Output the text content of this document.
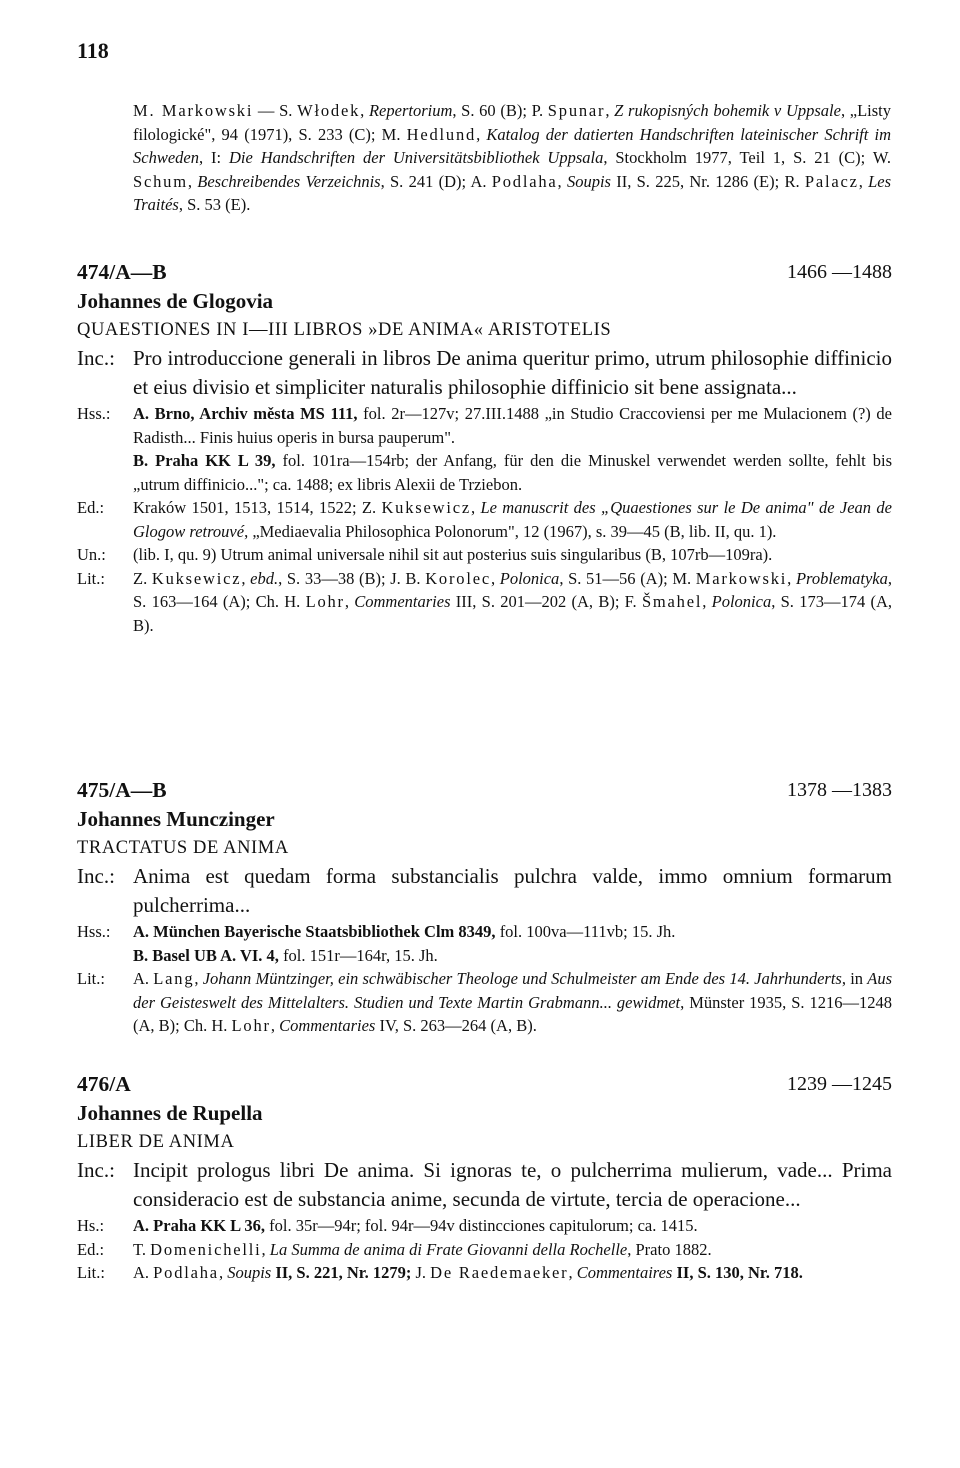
118
M. Markowski — S. Włodek, Repertorium, S. 60 (B); P. Spunar, Z rukopisných bohemik v Uppsale, „Listy filologické", 94 (1971), S. 233 (C); M. Hedlund, Katalog der datierten Handschriften lateinischer Schrift im Schweden, I: Die Handschriften der Universitätsbibliothek Uppsala, Stockholm 1977, Teil 1, S. 21 (C); W. Schum, Beschreibendes Verzeichnis, S. 241 (D); A. Podlaha, Soupis II, S. 225, Nr. 1286 (E); R. Palacz, Les Traités, S. 53 (E).
474/A—B	1466 —1488
Johannes de Glogovia
QUAESTIONES IN I—III LIBROS »DE ANIMA« ARISTOTELIS
Inc.: Pro introduccione generali in libros De anima queritur primo, utrum philosophie diffinicio et eius divisio et simpliciter naturalis philosophie diffinicio sit bene assignata...
Hss.:	A. Brno, Archiv města MS 111, fol. 2r—127v; 27.III.1488 „in Studio Craccoviensi per me Mulacionem (?) de Radisth... Finis huius operis in bursa pauperum".
B. Praha KK L 39, fol. 101ra—154rb; der Anfang, für den die Minuskel verwendet werden sollte, fehlt bis „utrum diffinicio..."; ca. 1488; ex libris Alexii de Trziebon.
Ed.:	Kraków 1501, 1513, 1514, 1522; Z. Kuksewicz, Le manuscrit des „Quaestiones sur le De anima" de Jean de Glogow retrouvé, „Mediaevalia Philosophica Polonorum", 12 (1967), s. 39—45 (B, lib. II, qu. 1).
Un.:	(lib. I, qu. 9) Utrum animal universale nihil sit aut posterius suis singularibus (B, 107rb—109ra).
Lit.:	Z. Kuksewicz, ebd., S. 33—38 (B); J. B. Korolec, Polonica, S. 51—56 (A); M. Markowski, Problematyka, S. 163—164 (A); Ch. H. Lohr, Commentaries III, S. 201—202 (A, B); F. Šmahel, Polonica, S. 173—174 (A, B).
475/A—B	1378 —1383
Johannes Munczinger
TRACTATUS DE ANIMA
Inc.: Anima est quedam forma substancialis pulchra valde, immo omnium formarum pulcherrima...
Hss.:	A. München Bayerische Staatsbibliothek Clm 8349, fol. 100va—111vb; 15. Jh.
B. Basel UB A. VI. 4, fol. 151r—164r, 15. Jh.
Lit.:	A. Lang, Johann Müntzinger, ein schwäbischer Theologe und Schulmeister am Ende des 14. Jahrhunderts, in Aus der Geisteswelt des Mittelalters. Studien und Texte Martin Grabmann... gewidmet, Münster 1935, S. 1216—1248 (A, B); Ch. H. Lohr, Commentaries IV, S. 263—264 (A, B).
476/A	1239 —1245
Johannes de Rupella
LIBER DE ANIMA
Inc.: Incipit prologus libri De anima. Si ignoras te, o pulcherrima mulierum, vade... Prima consideracio est de substancia anime, secunda de virtute, tercia de operacione...
Hs.:	A. Praha KK L 36, fol. 35r—94r; fol. 94r—94v distincciones capitulorum; ca. 1415.
Ed.:	T. Domenichelli, La Summa de anima di Frate Giovanni della Rochelle, Prato 1882.
Lit.:	A. Podlaha, Soupis II, S. 221, Nr. 1279; J. De Raedemaeker, Commentaires II, S. 130, Nr. 718.
